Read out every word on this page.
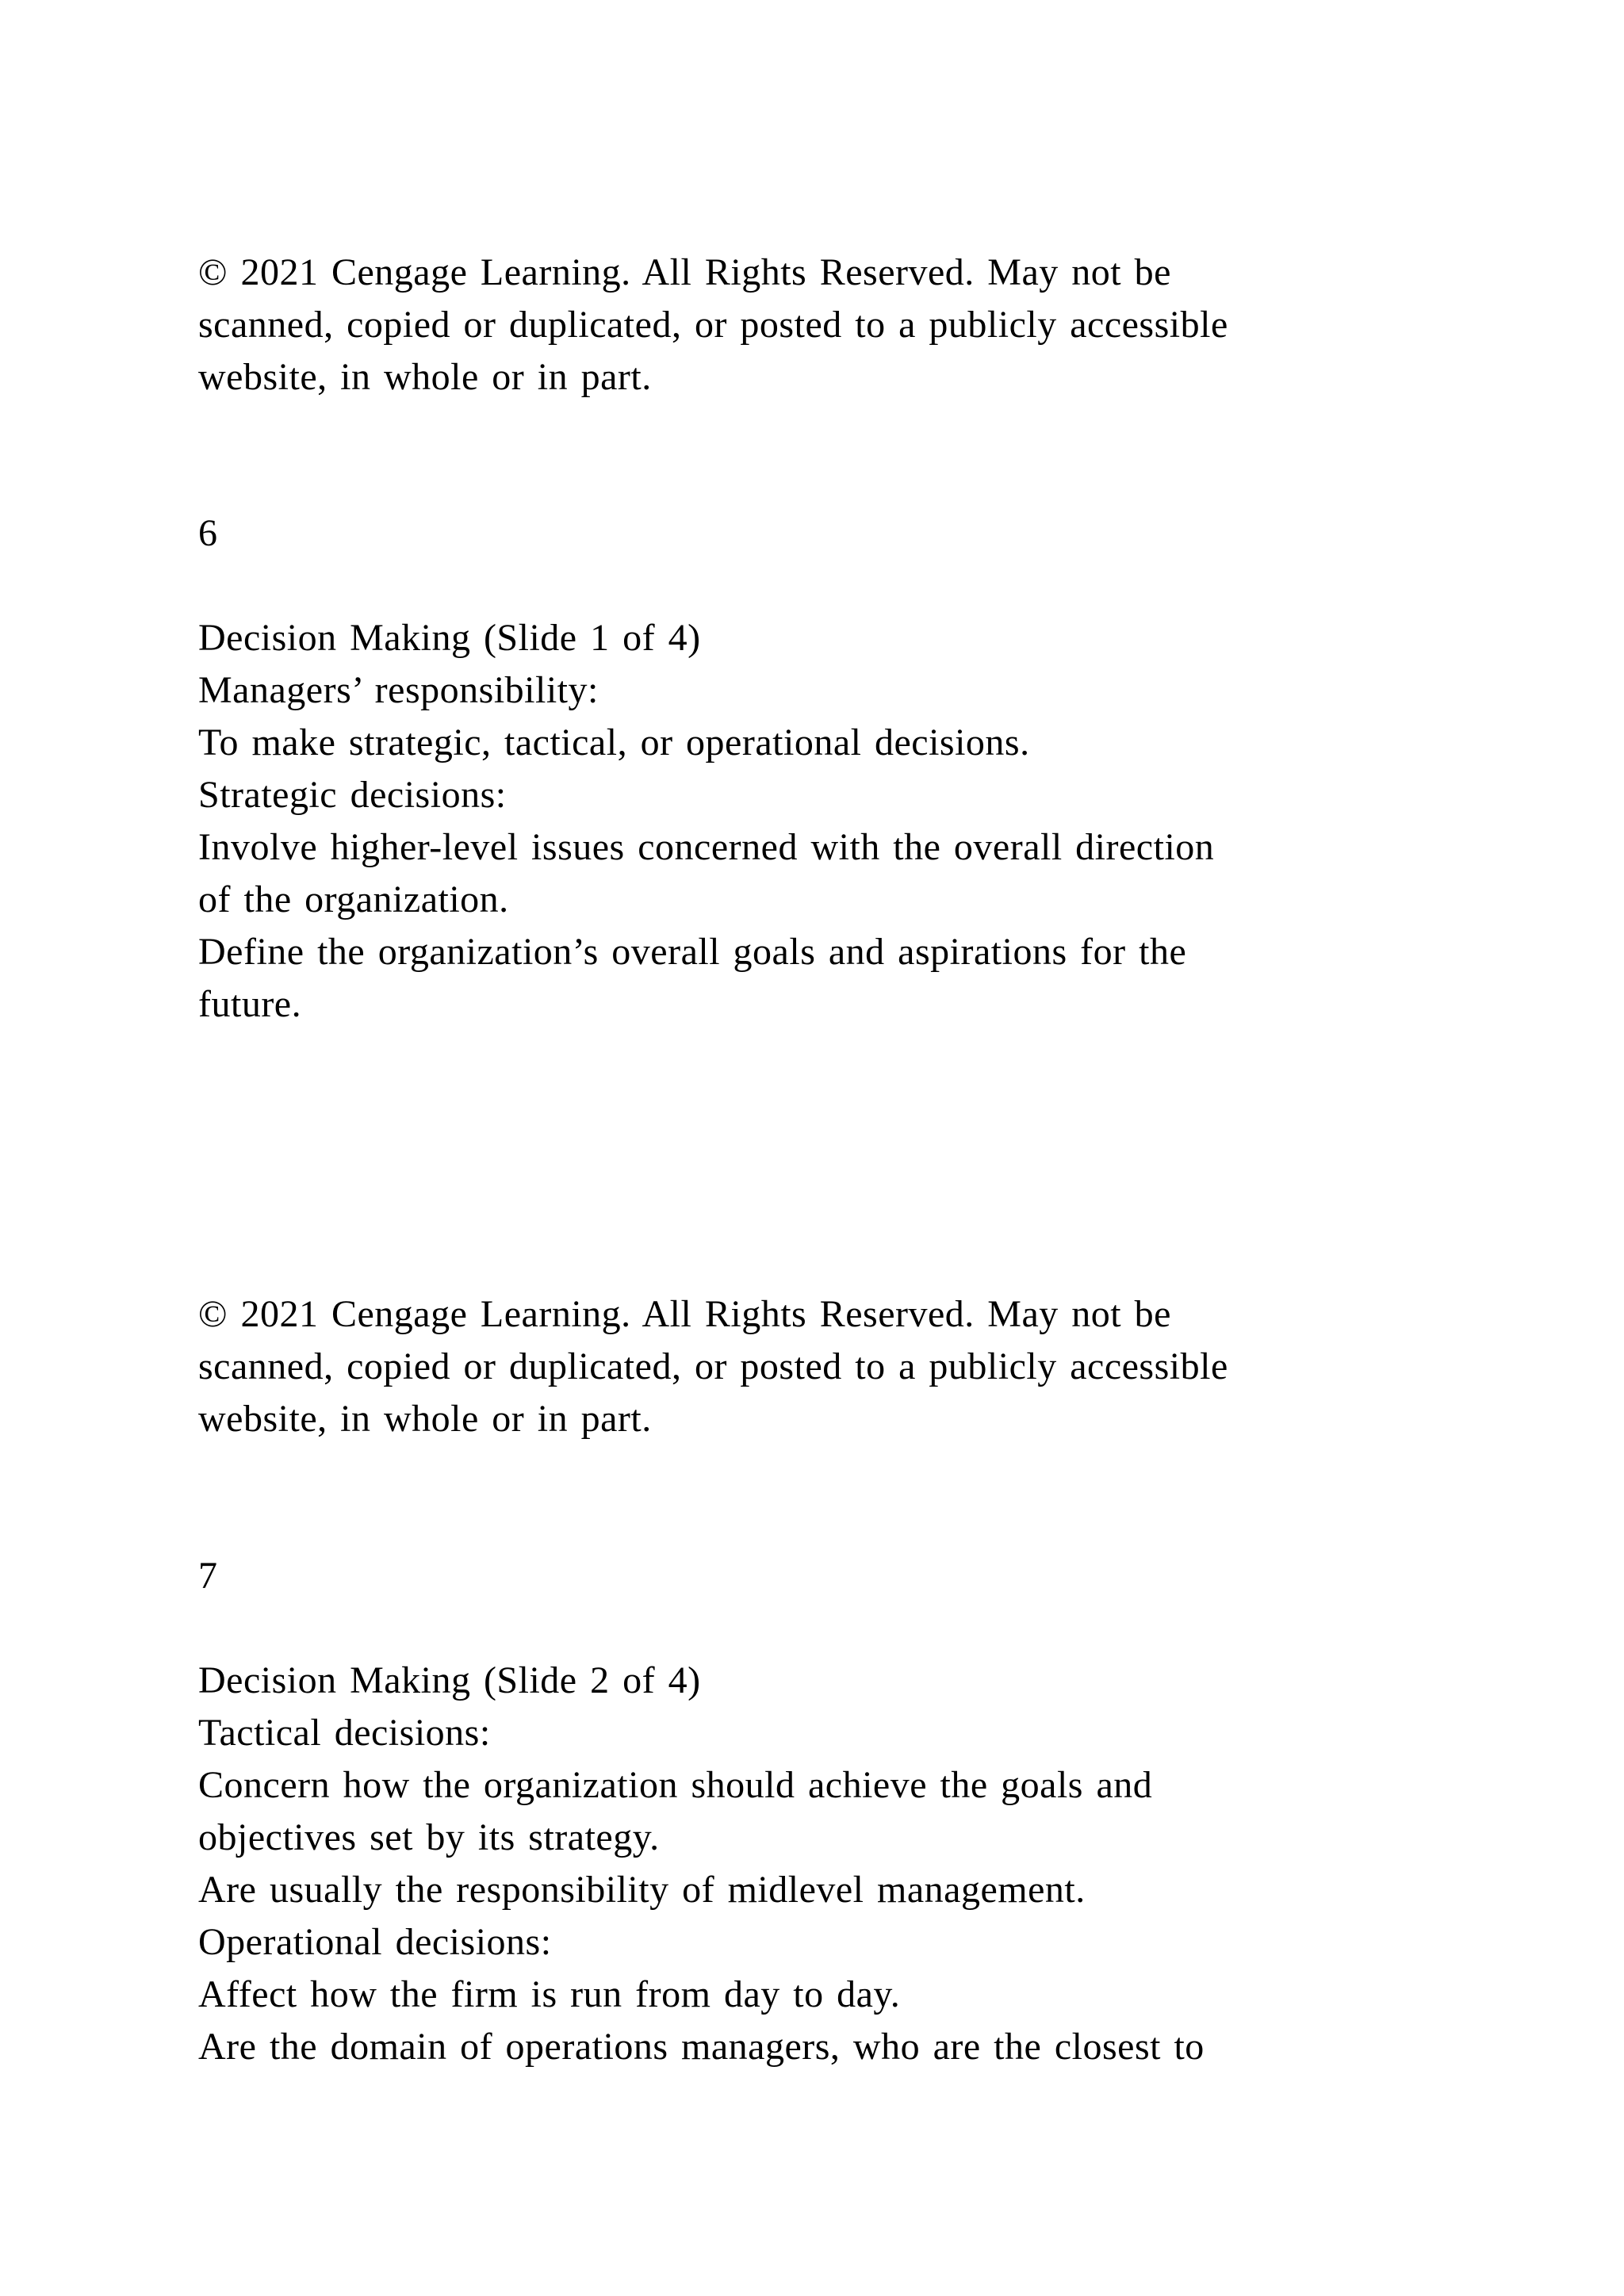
© 2021 Cengage Learning. All Rights Reserved. May not be
scanned, copied or duplicated, or posted to a publicly accessible
website, in whole or in part.
6
Decision Making (Slide 1 of 4)
Managers’ responsibility:
To make strategic, tactical, or operational decisions.
Strategic decisions:
Involve higher-level issues concerned with the overall direction
of the organization.
Define the organization’s overall goals and aspirations for the
future.
© 2021 Cengage Learning. All Rights Reserved. May not be
scanned, copied or duplicated, or posted to a publicly accessible
website, in whole or in part.
7
Decision Making (Slide 2 of 4)
Tactical decisions:
Concern how the organization should achieve the goals and
objectives set by its strategy.
Are usually the responsibility of midlevel management.
Operational decisions:
Affect how the firm is run from day to day.
Are the domain of operations managers, who are the closest to
